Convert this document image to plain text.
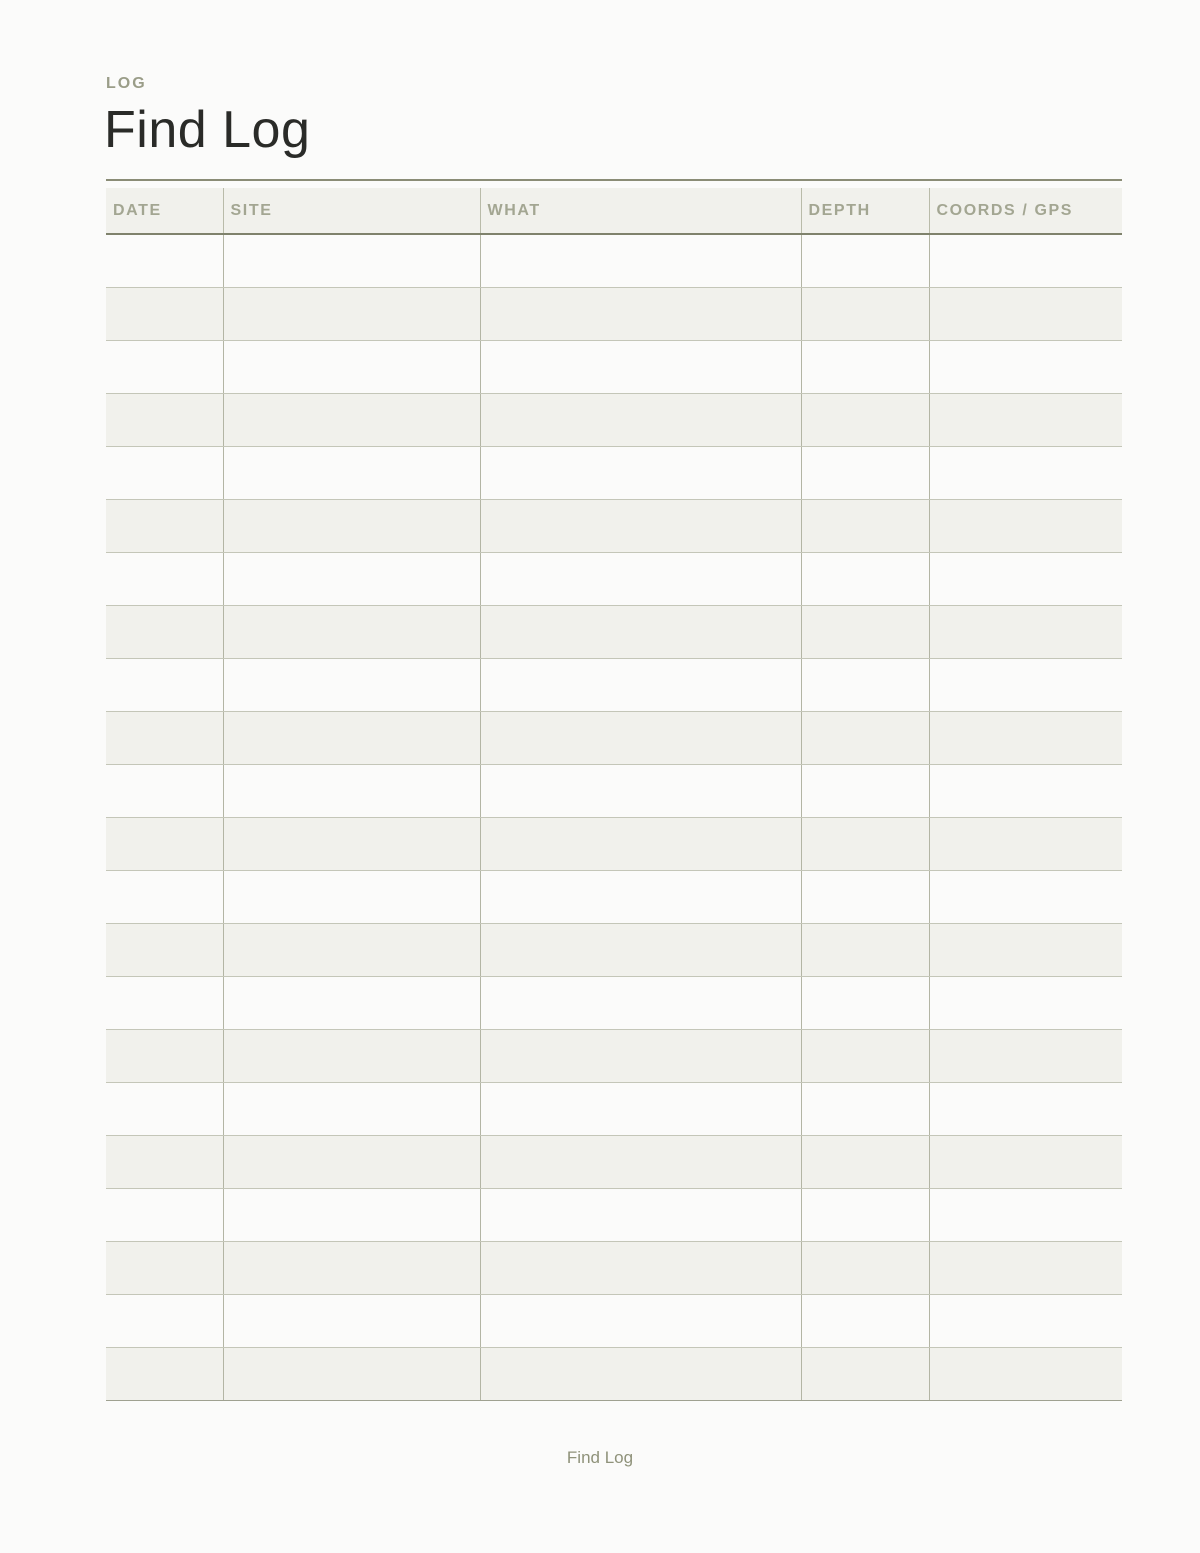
LOG
Find Log
DATE	SITE	WHAT	DEPTH	COORDS / GPS

Find Log
